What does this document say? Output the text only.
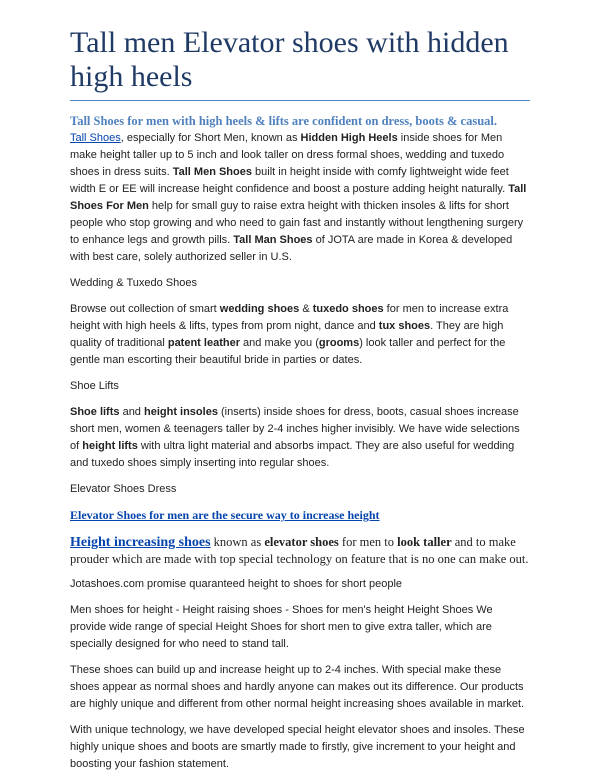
Tall men Elevator shoes with hidden high heels
Tall Shoes for men with high heels & lifts are confident on dress, boots & casual.

Tall Shoes, especially for Short Men, known as Hidden High Heels inside shoes for Men make height taller up to 5 inch and look taller on dress formal shoes, wedding and tuxedo shoes in dress suits. Tall Men Shoes built in height inside with comfy lightweight wide feet width E or EE will increase height confidence and boost a posture adding height naturally. Tall Shoes For Men help for small guy to raise extra height with thicken insoles & lifts for short people who stop growing and who need to gain fast and instantly without lengthening surgery to enhance legs and growth pills. Tall Man Shoes of JOTA are made in Korea & developed with best care, solely authorized seller in U.S.

Wedding & Tuxedo Shoes

Browse out collection of smart wedding shoes & tuxedo shoes for men to increase extra height with high heels & lifts, types from prom night, dance and tux shoes. They are high quality of traditional patent leather and make you (grooms) look taller and perfect for the gentle man escorting their beautiful bride in parties or dates.

Shoe Lifts

Shoe lifts and height insoles (inserts) inside shoes for dress, boots, casual shoes increase short men, women & teenagers taller by 2-4 inches higher invisibly. We have wide selections of height lifts with ultra light material and absorbs impact. They are also useful for wedding and tuxedo shoes simply inserting into regular shoes.

Elevator Shoes Dress

Elevator Shoes for men are the secure way to increase height

Height increasing shoes known as elevator shoes for men to look taller and to make prouder which are made with top special technology on feature that is no one can make out.

Jotashoes.com promise quaranteed height to shoes for short people

Men shoes for height - Height raising shoes - Shoes for men's height Height Shoes We provide wide range of special Height Shoes for short men to give extra taller, which are specially designed for who need to stand tall.

These shoes can build up and increase height up to 2-4 inches. With special make these shoes appear as normal shoes and hardly anyone can makes out its difference. Our products are highly unique and different from other normal height increasing shoes available in market.

With unique technology, we have developed special height elevator shoes and insoles. These highly unique shoes and boots are smartly made to firstly, give increment to your height and boosting your fashion statement.
